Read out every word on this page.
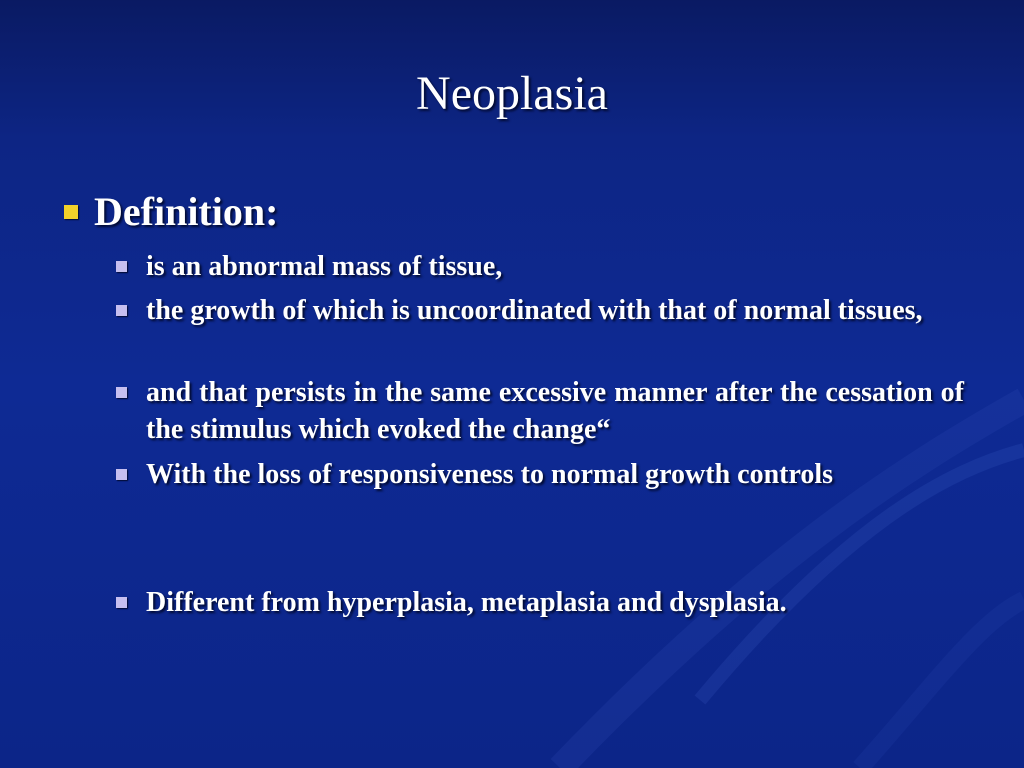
Neoplasia
Definition:
is an abnormal mass of tissue,
the growth of which is uncoordinated with that of normal tissues,
and that persists in the same excessive manner after the cessation of the stimulus which evoked the change“
With the loss of responsiveness to normal growth controls
Different from hyperplasia, metaplasia and dysplasia.
